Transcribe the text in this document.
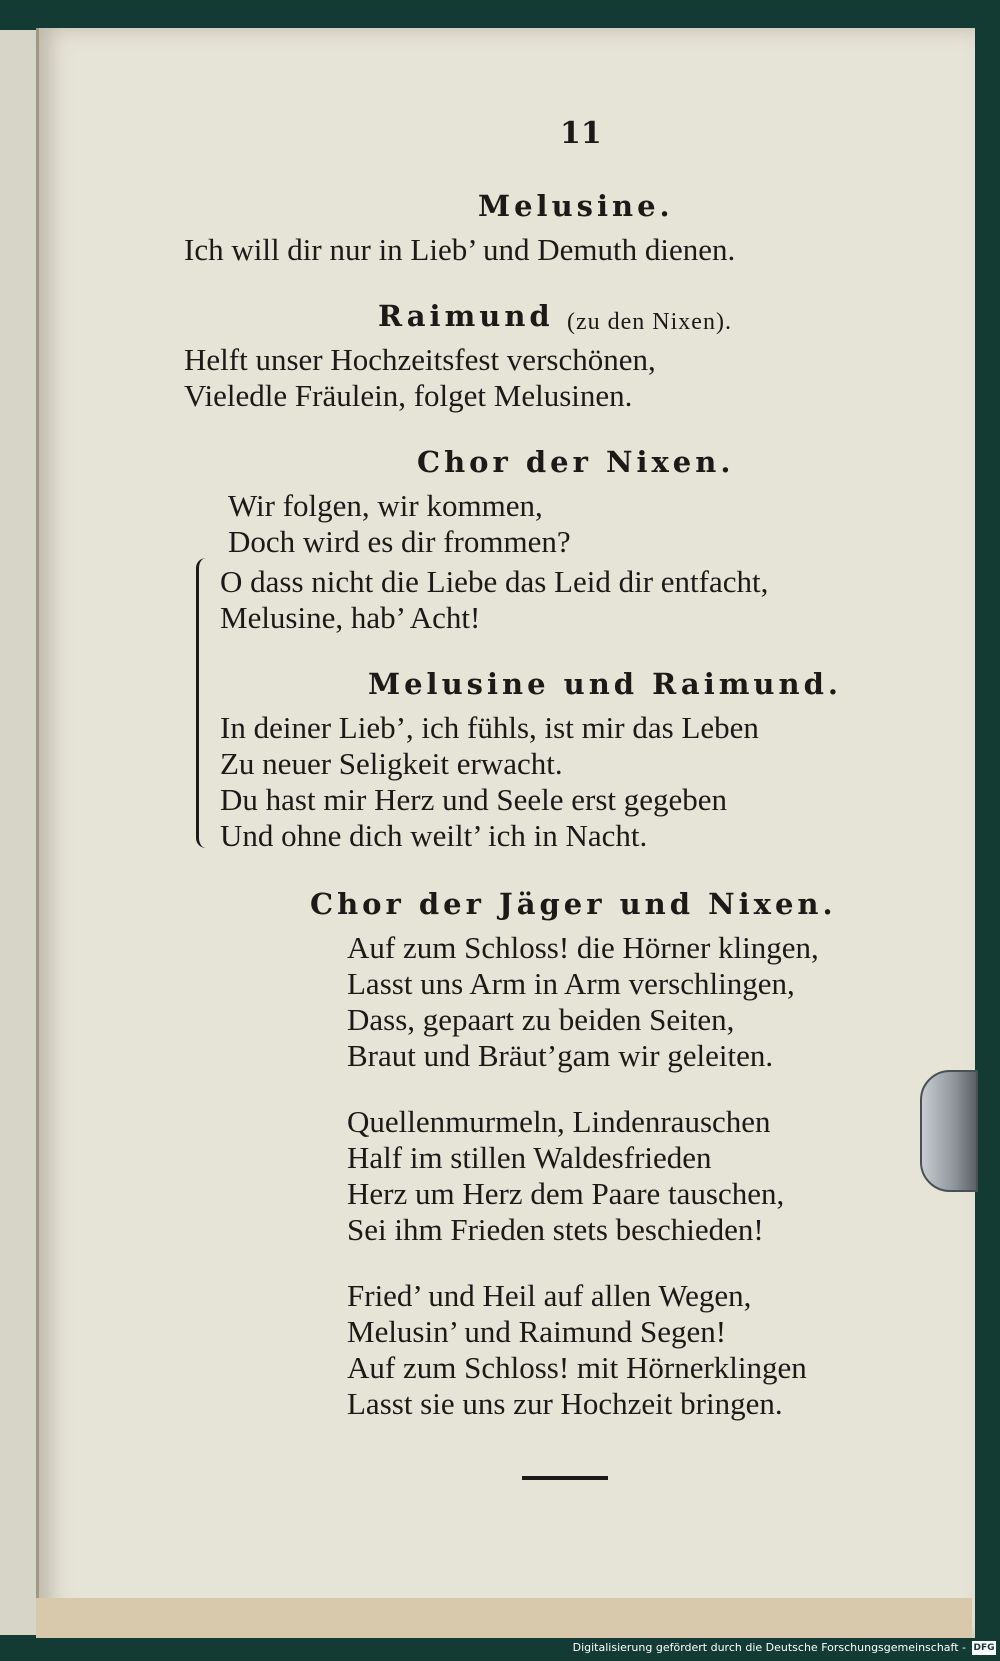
11

Melusine.

Ich will dir nur in Lieb’ und Demuth dienen.

Raimund (zu den Nixen).

Helft unser Hochzeitsfest verschönen,

Vieledle Fräulein, folget Melusinen.

Chor der Nixen.

Wir folgen, wir kommen,

Doch wird es dir frommen?

O dass nicht die Liebe das Leid dir entfacht,

Melusine, hab’ Acht!

Melusine und Raimund.

In deiner Lieb’, ich fühls, ist mir das Leben

Zu neuer Seligkeit erwacht.

Du hast mir Herz und Seele erst gegeben

Und ohne dich weilt’ ich in Nacht.

Chor der Jäger und Nixen.

Auf zum Schloss! die Hörner klingen,

Lasst uns Arm in Arm verschlingen,

Dass, gepaart zu beiden Seiten,

Braut und Bräut’gam wir geleiten.

Quellenmurmeln, Lindenrauschen

Half im stillen Waldesfrieden

Herz um Herz dem Paare tauschen,

Sei ihm Frieden stets beschieden!

Fried’ und Heil auf allen Wegen,

Melusin’ und Raimund Segen!

Auf zum Schloss! mit Hörnerklingen

Lasst sie uns zur Hochzeit bringen.

Digitalisierung gefördert durch die Deutsche Forschungsgemeinschaft - DFG
